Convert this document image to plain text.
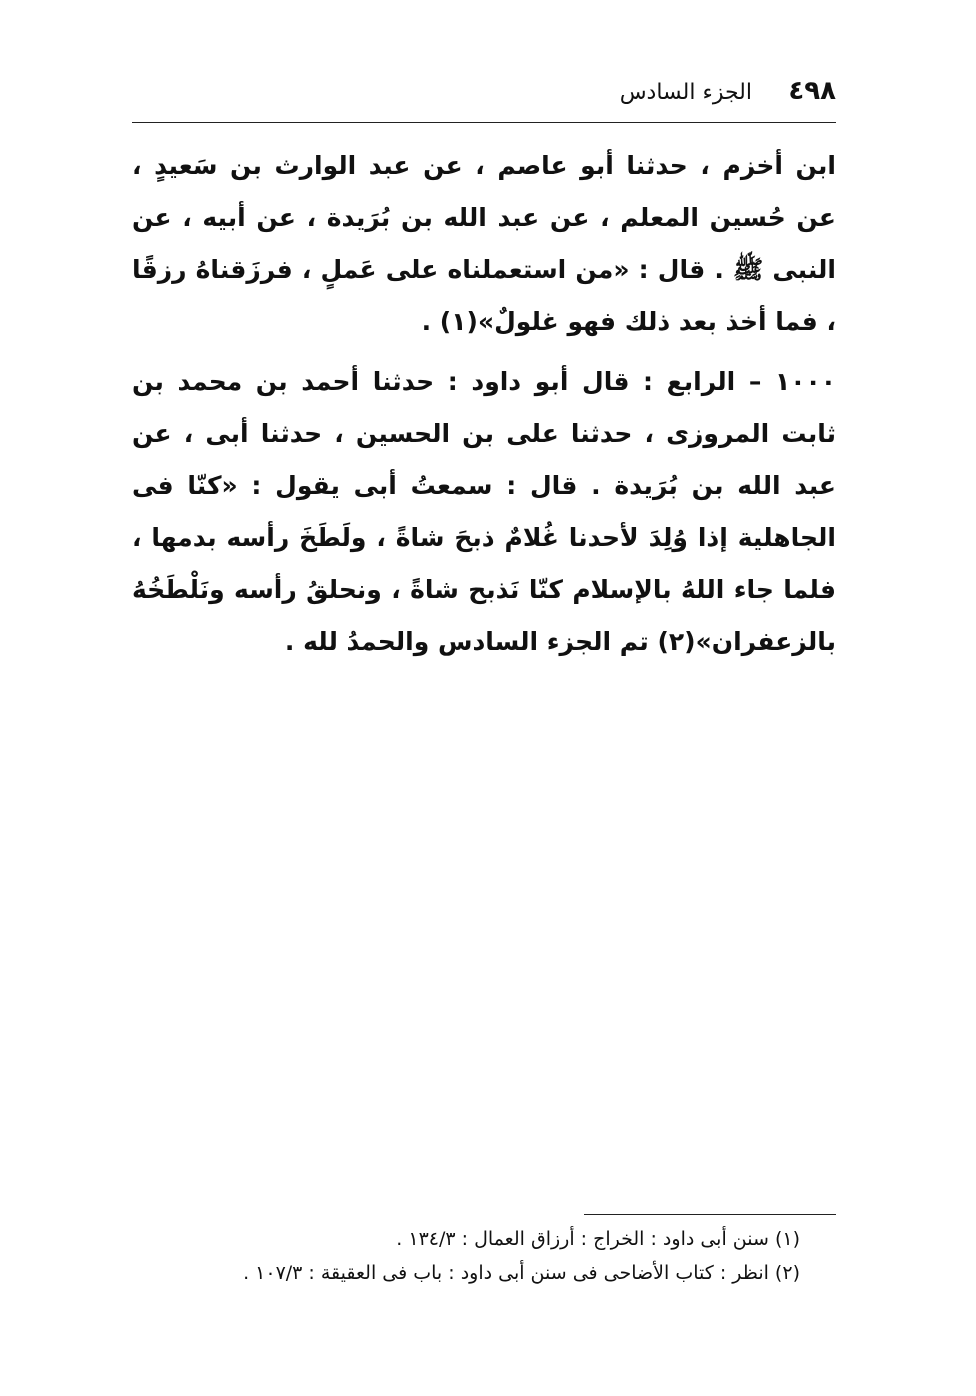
٤٩٨
الجزء السادس

ابن أخزم ، حدثنا أبو عاصم ، عن عبد الوارث بن سَعيدٍ ، عن حُسين المعلم ، عن عبد الله بن بُرَيدة ، عن أبيه ، عن النبى ﷺ . قال : «من استعملناه على عَملٍ ، فرزَقناهُ رزقًا ، فما أخذ بعد ذلك فهو غلولٌ»(١) .

١٠٠٠ – الرابع : قال أبو داود : حدثنا أحمد بن محمد بن ثابت المروزى ، حدثنا على بن الحسين ، حدثنا أبى ، عن عبد الله بن بُرَيدة . قال : سمعتُ أبى يقول : «كنّا فى الجاهلية إذا وُلِدَ لأحدنا غُلامٌ ذبحَ شاةً ، ولَطَخَ رأسه بدمها ، فلما جاء اللهُ بالإسلام كنّا نَذبح شاةً ، ونحلقُ رأسه ونَلْطَخُهُ بالزعفران»(٢) تم الجزء السادس والحمدُ لله .

(١) سنن أبى داود : الخراج : أرزاق العمال : ١٣٤/٣ .
(٢) انظر : كتاب الأضاحى فى سنن أبى داود : باب فى العقيقة : ١٠٧/٣ .
